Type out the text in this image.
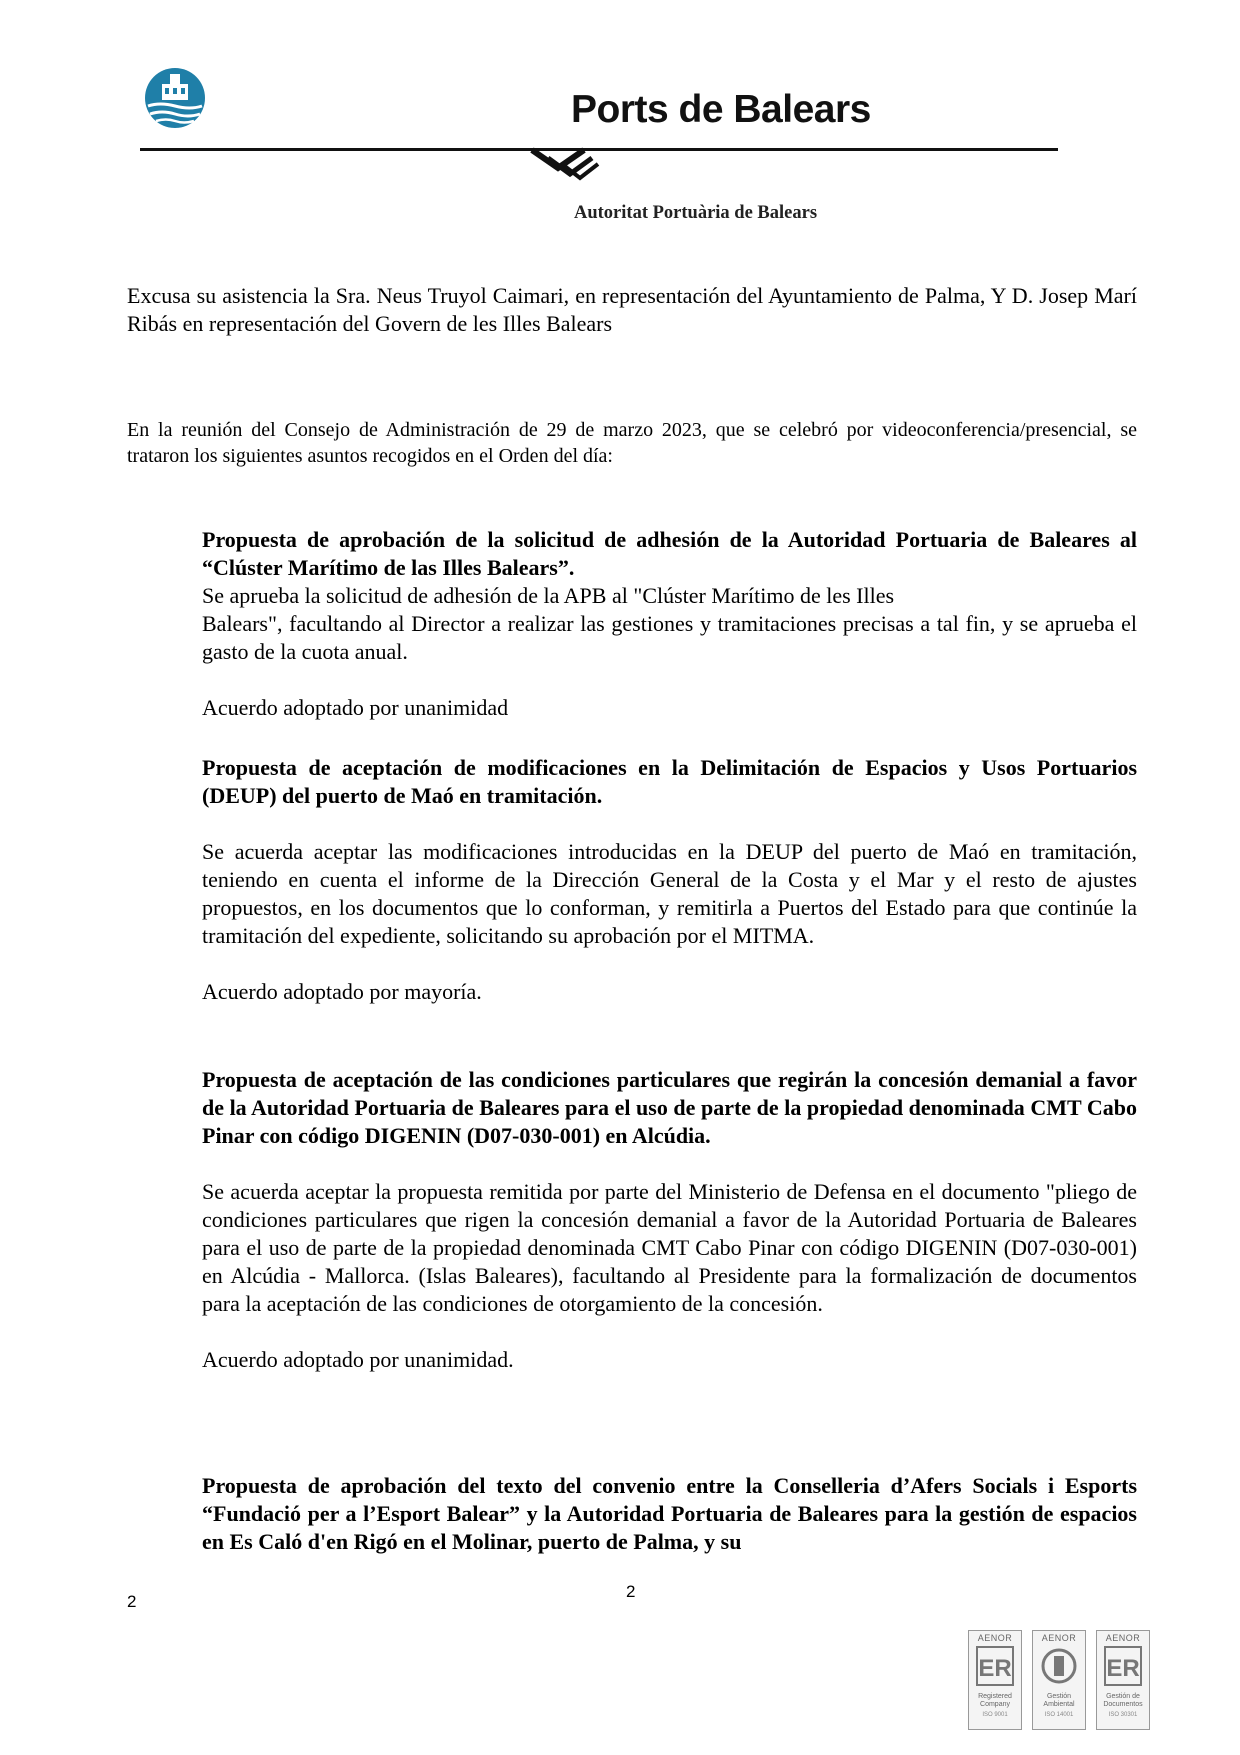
Ports de Balears
Autoritat Portuària de Balears

Excusa su asistencia la Sra. Neus Truyol Caimari, en representación del Ayuntamiento de Palma, Y D. Josep Marí Ribás en representación del Govern de les Illes Balears

En la reunión del Consejo de Administración de 29 de marzo 2023, que se celebró por videoconferencia/presencial, se trataron los siguientes asuntos recogidos en el Orden del día:

Propuesta de aprobación de la solicitud de adhesión de la Autoridad Portuaria de Baleares al “Clúster Marítimo de las Illes Balears”.

Se aprueba la solicitud de adhesión de la APB al "Clúster Marítimo de les Illes

Balears", facultando al Director a realizar las gestiones y tramitaciones precisas a tal fin, y se aprueba el gasto de la cuota anual.

Acuerdo adoptado por unanimidad

Propuesta de aceptación de modificaciones en la Delimitación de Espacios y Usos Portuarios (DEUP) del puerto de Maó en tramitación.

Se acuerda aceptar las modificaciones introducidas en la DEUP del puerto de Maó en tramitación, teniendo en cuenta el informe de la Dirección General de la Costa y el Mar y el resto de ajustes propuestos, en los documentos que lo conforman, y remitirla a Puertos del Estado para que continúe la tramitación del expediente, solicitando su aprobación por el MITMA.

Acuerdo adoptado por mayoría.

Propuesta de aceptación de las condiciones particulares que regirán la concesión demanial a favor de la Autoridad Portuaria de Baleares para el uso de parte de la propiedad denominada CMT Cabo Pinar con código DIGENIN (D07-030-001) en Alcúdia.

Se acuerda aceptar la propuesta remitida por parte del Ministerio de Defensa en el documento "pliego de condiciones particulares que rigen la concesión demanial a favor de la Autoridad Portuaria de Baleares para el uso de parte de la propiedad denominada CMT Cabo Pinar con código DIGENIN (D07-030-001) en Alcúdia - Mallorca. (Islas Baleares), facultando al Presidente para la formalización de documentos para la aceptación de las condiciones de otorgamiento de la concesión.

Acuerdo adoptado por unanimidad.

Propuesta de aprobación del texto del convenio entre la Conselleria d’Afers Socials i Esports “Fundació per a l’Esport Balear” y la Autoridad Portuaria de Baleares para la gestión de espacios en Es Caló d'en Rigó en el Molinar, puerto de Palma, y su

2
2
AENOR
ER
Registered Company
ISO 9001
AENOR
Gestión Ambiental
ISO 14001
AENOR
ER
Gestión de Documentos
ISO 30301
